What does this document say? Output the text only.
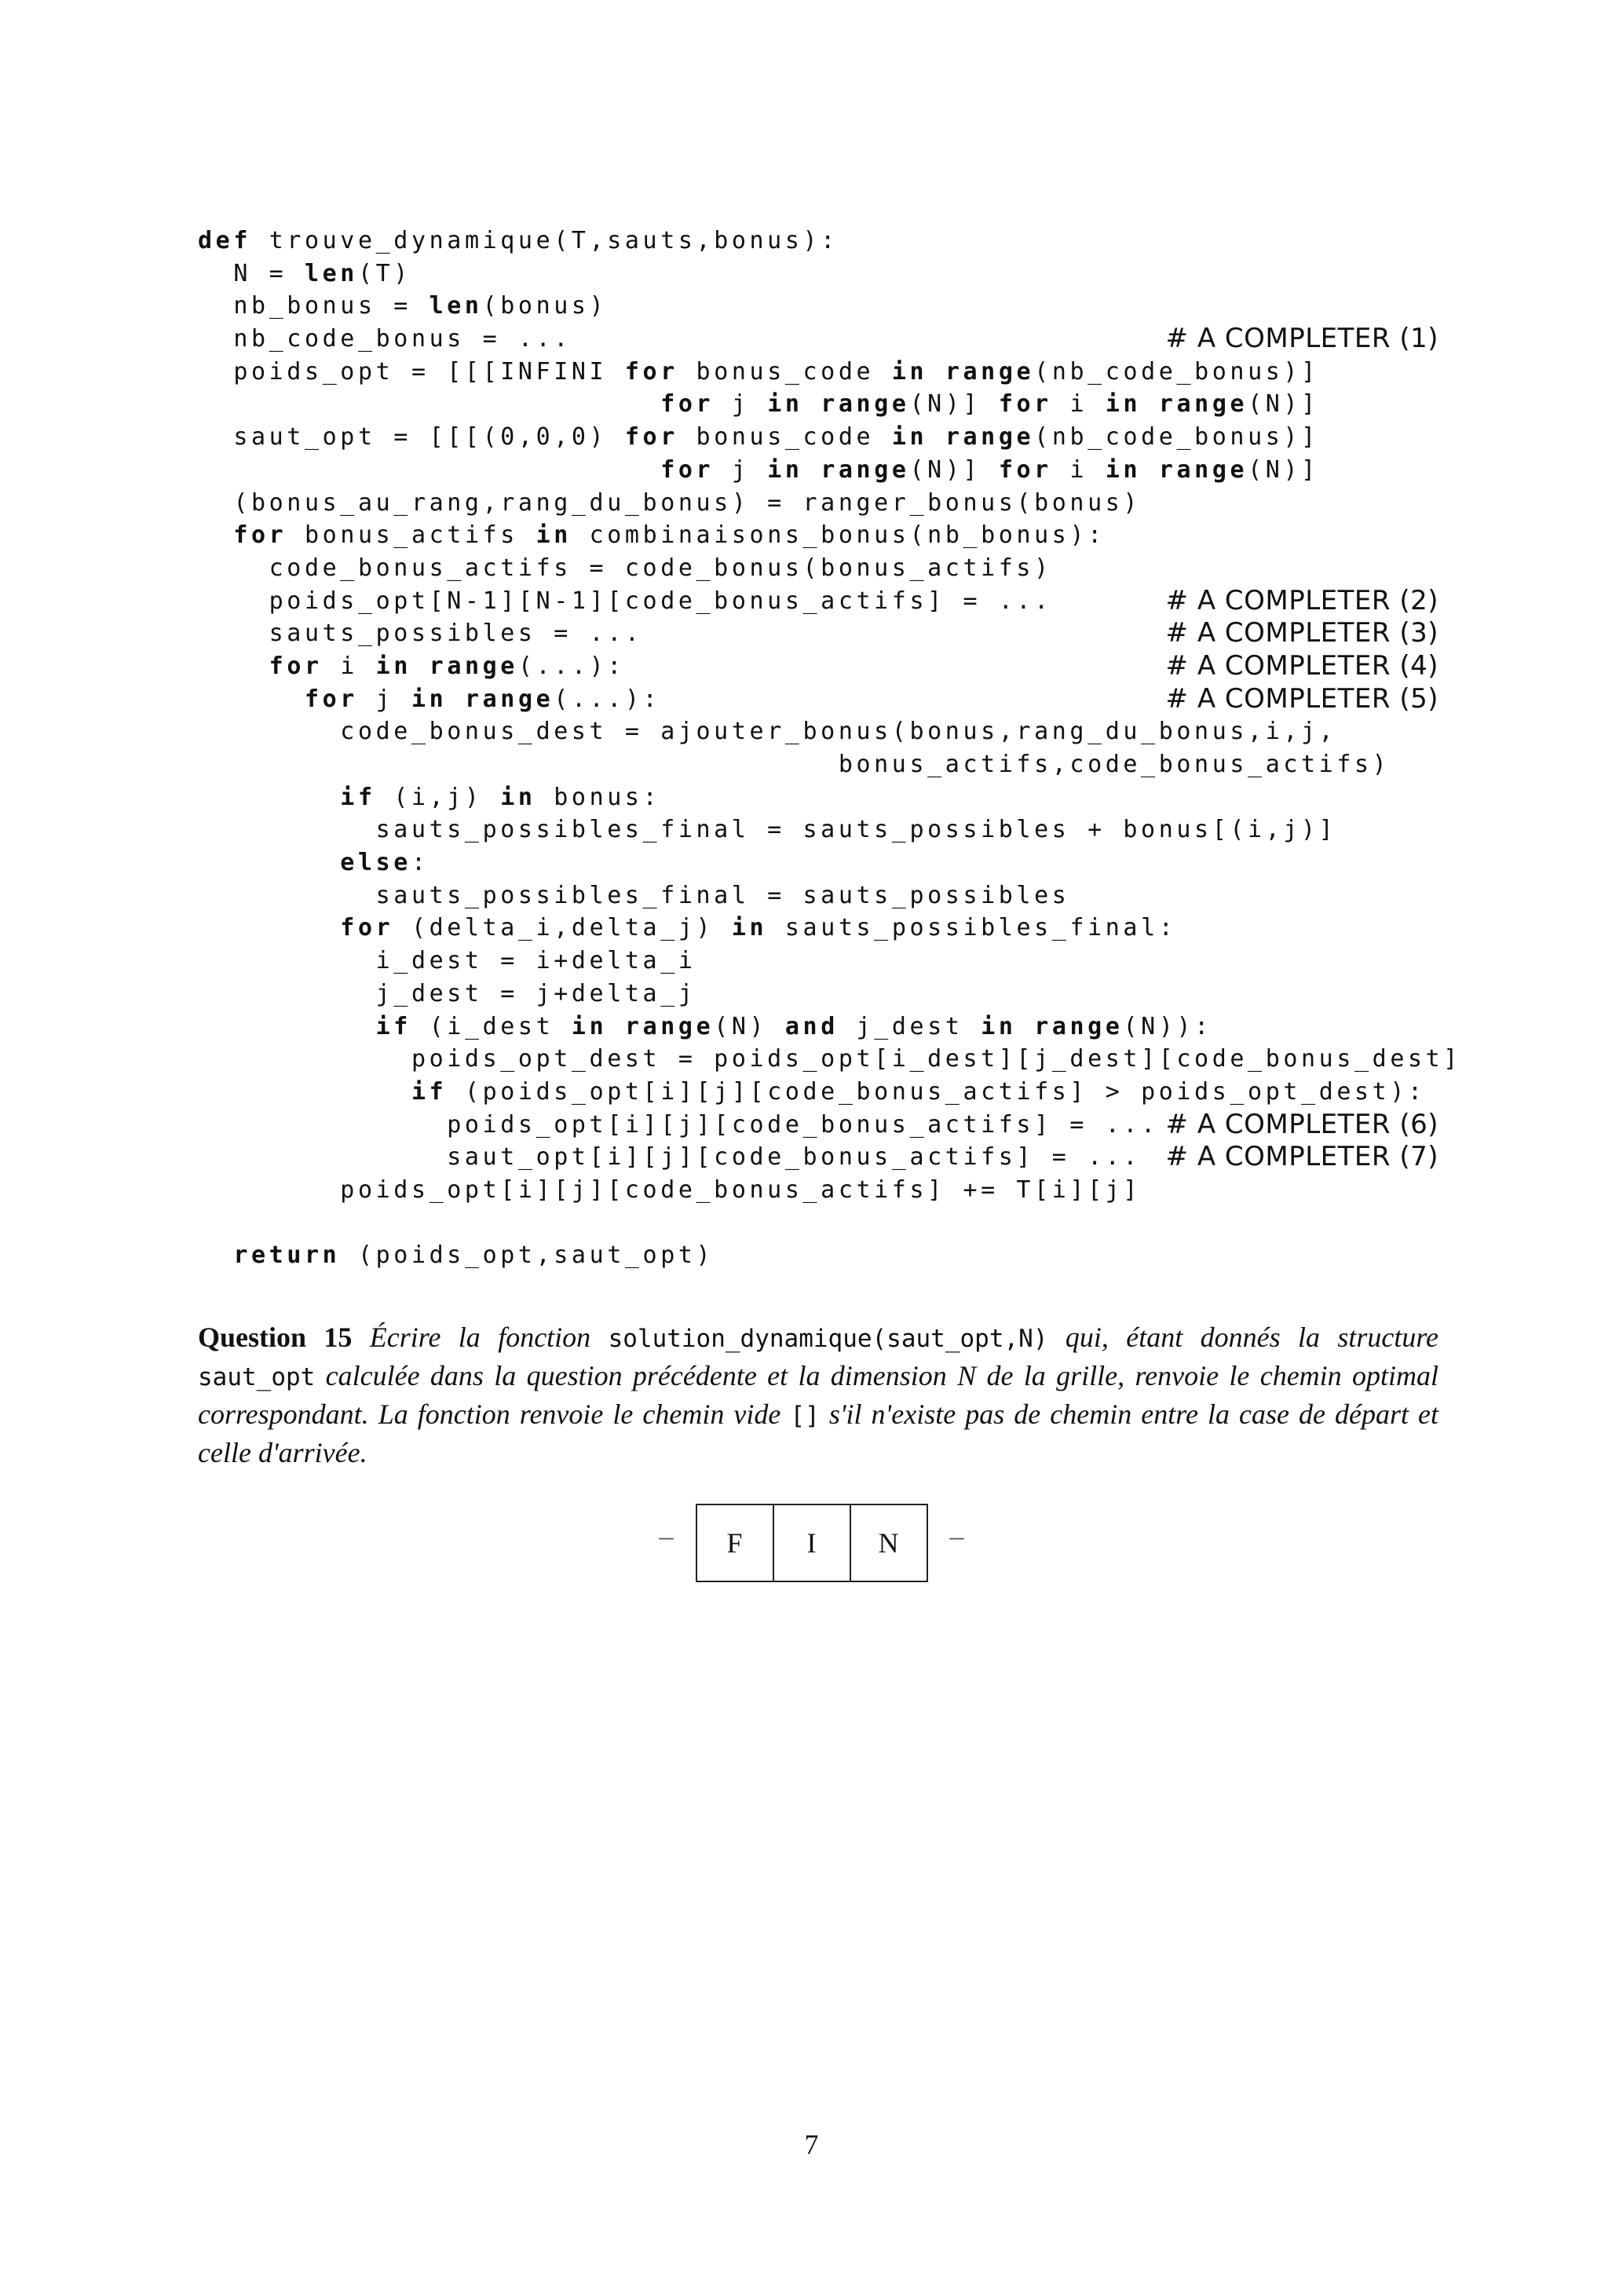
def trouve_dynamique(T,sauts,bonus):
N = len(T)
nb_bonus = len(bonus)
nb_code_bonus = ...	# A COMPLETER (1)
poids_opt = [[[INFINI for bonus_code in range(nb_code_bonus)]
for j in range(N)] for i in range(N)]
saut_opt = [[[(0,0,0) for bonus_code in range(nb_code_bonus)]
for j in range(N)] for i in range(N)]
(bonus_au_rang,rang_du_bonus) = ranger_bonus(bonus)
for bonus_actifs in combinaisons_bonus(nb_bonus):
code_bonus_actifs = code_bonus(bonus_actifs)
poids_opt[N-1][N-1][code_bonus_actifs] = ...	# A COMPLETER (2)
sauts_possibles = ...	# A COMPLETER (3)
for i in range(...):	# A COMPLETER (4)
for j in range(...):	# A COMPLETER (5)
code_bonus_dest = ajouter_bonus(bonus,rang_du_bonus,i,j,
bonus_actifs,code_bonus_actifs)
if (i,j) in bonus:
sauts_possibles_final = sauts_possibles + bonus[(i,j)]
else:
sauts_possibles_final = sauts_possibles
for (delta_i,delta_j) in sauts_possibles_final:
i_dest = i+delta_i
j_dest = j+delta_j
if (i_dest in range(N) and j_dest in range(N)):
poids_opt_dest = poids_opt[i_dest][j_dest][code_bonus_dest]
if (poids_opt[i][j][code_bonus_actifs] > poids_opt_dest):
poids_opt[i][j][code_bonus_actifs] = ... # A COMPLETER (6)
saut_opt[i][j][code_bonus_actifs] = ... # A COMPLETER (7)
poids_opt[i][j][code_bonus_actifs] += T[i][j]
return (poids_opt,saut_opt)
Question 15 Écrire la fonction solution_dynamique(saut_opt,N) qui, étant donnés la structure saut_opt calculée dans la question précédente et la dimension N de la grille, renvoie le chemin optimal correspondant. La fonction renvoie le chemin vide [] s'il n'existe pas de chemin entre la case de départ et celle d'arrivée.
–	F	I	N	–
7
